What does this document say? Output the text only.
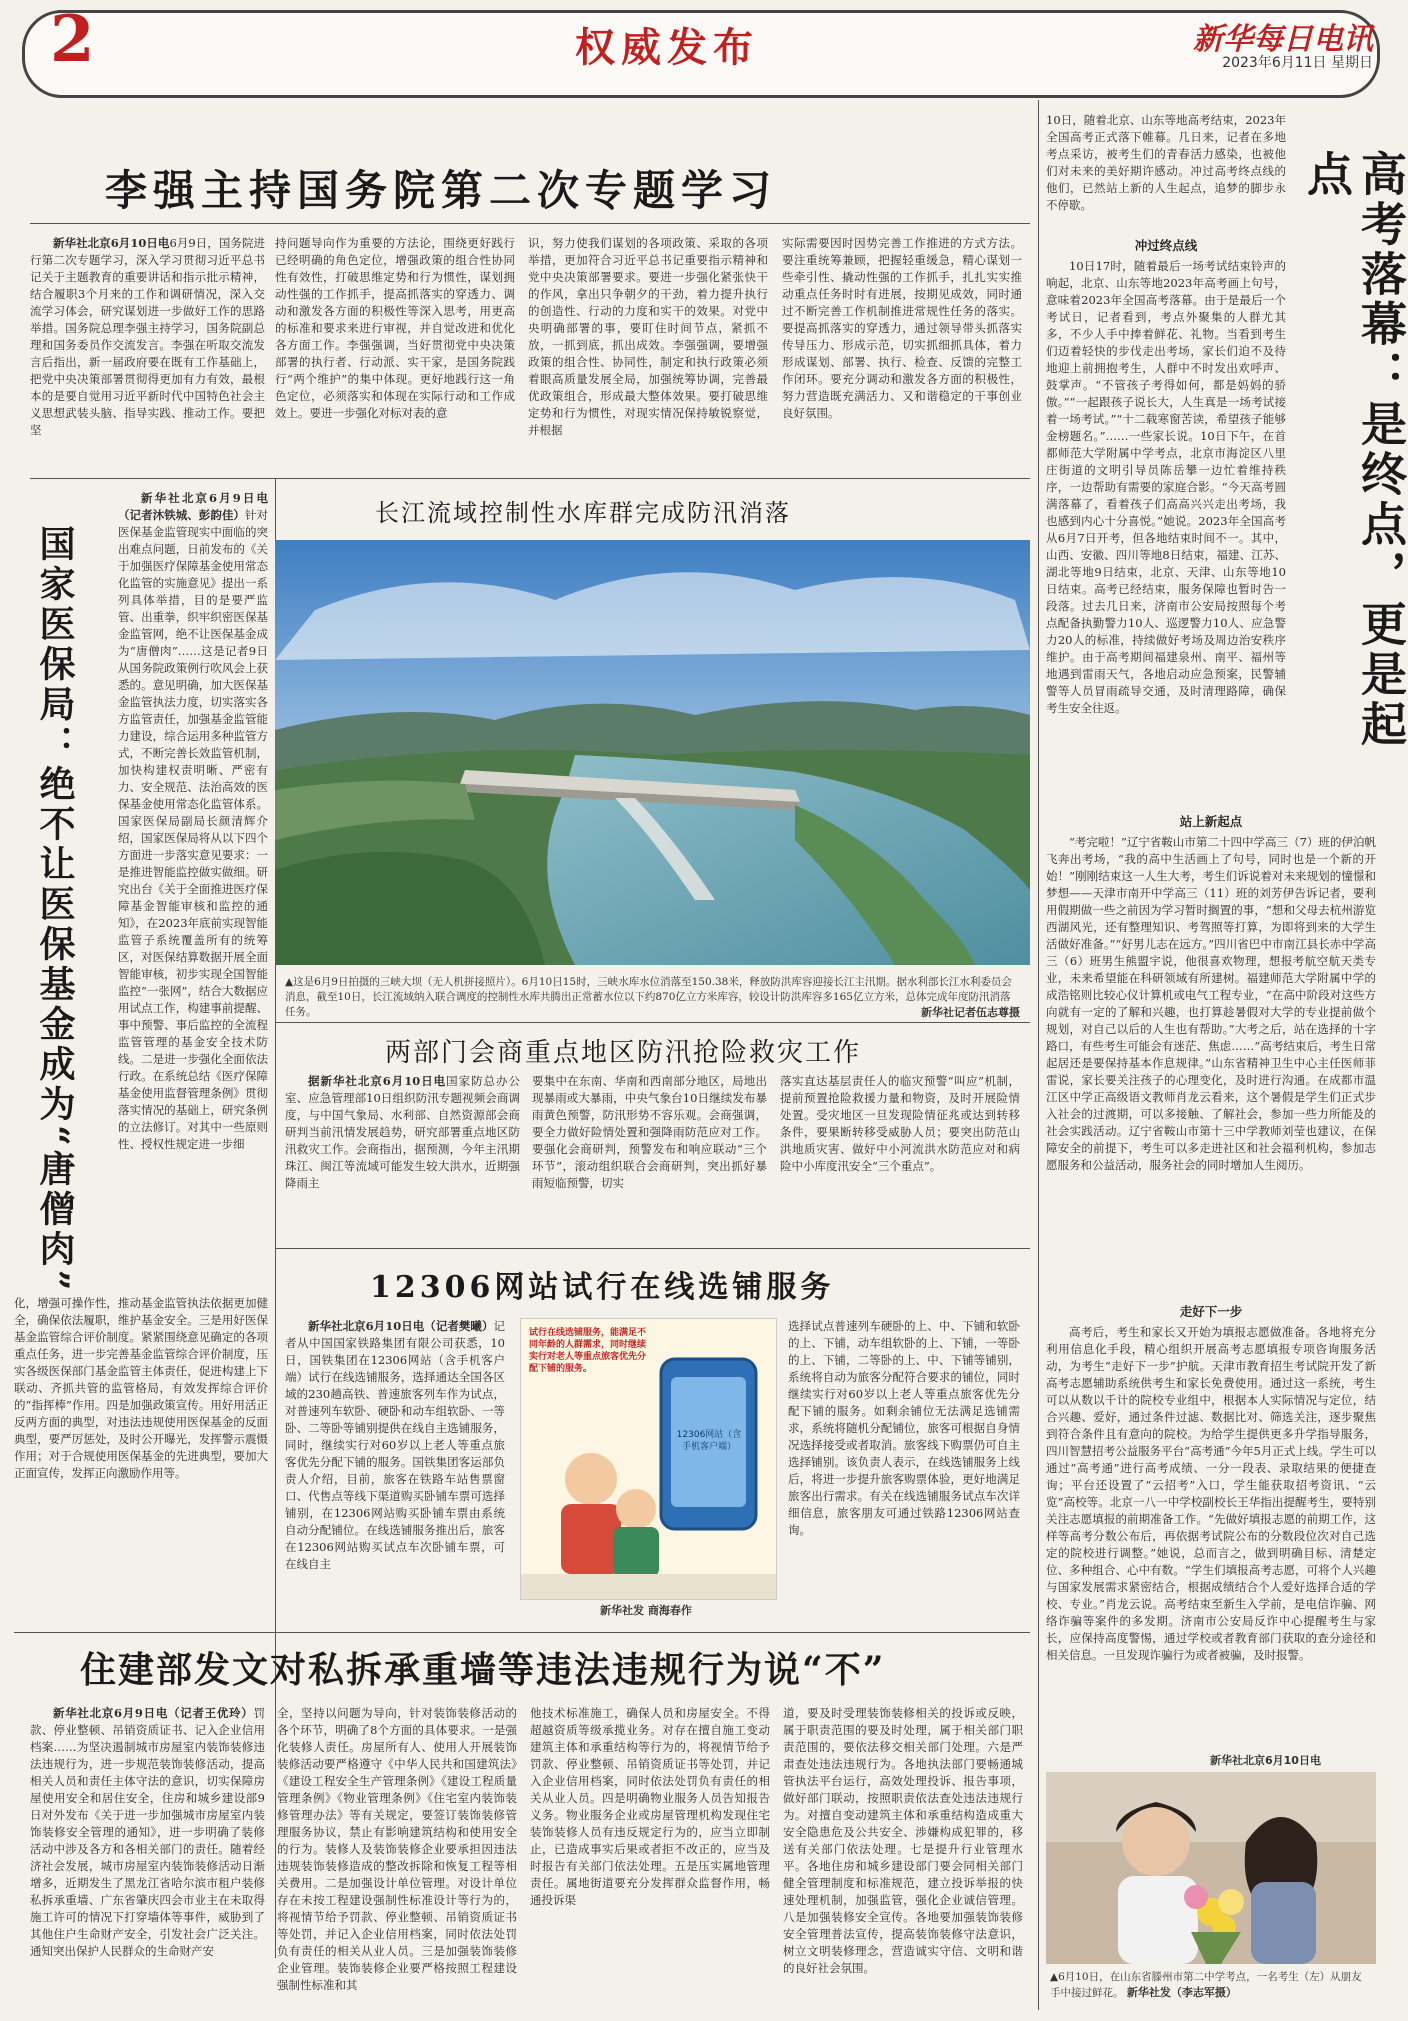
2	权威发布	新华每日电讯
2023年6月11日 星期日
李强主持国务院第二次专题学习

新华社北京6月10日电6月9日，国务院进行第二次专题学习，深入学习贯彻习近平总书记关于主题教育的重要讲话和指示批示精神，结合履职3个月来的工作和调研情况，深入交流学习体会，研究谋划进一步做好工作的思路举措。国务院总理李强主持学习，国务院副总理和国务委员作交流发言。李强在听取交流发言后指出，新一届政府要在既有工作基础上，把党中央决策部署贯彻得更加有力有效，最根本的是要自觉用习近平新时代中国特色社会主义思想武装头脑、指导实践、推动工作。要把坚

持问题导向作为重要的方法论，围绕更好践行已经明确的角色定位，增强政策的组合性协同性有效性，打破思维定势和行为惯性，谋划拥动性强的工作抓手，提高抓落实的穿透力、调动和激发各方面的积极性等深入思考，用更高的标准和要求来进行审视，并自觉改进和优化各方面工作。李强强调，当好贯彻党中央决策部署的执行者、行动派、实干家，是国务院践行“两个维护”的集中体现。更好地践行这一角色定位，必须落实和体现在实际行动和工作成效上。要进一步强化对标对表的意
识，努力使我们谋划的各项政策、采取的各项举措，更加符合习近平总书记重要指示精神和党中央决策部署要求。要进一步强化紧张快干的作风，拿出只争朝夕的干劲，着力提升执行的创造性、行动的力度和实干的效果。对党中央明确部署的事，要盯住时间节点，紧抓不放，一抓到底，抓出成效。李强强调，要增强政策的组合性、协同性，制定和执行政策必须着眼高质量发展全局，加强统筹协调，完善最优政策组合，形成最大整体效果。要打破思维定势和行为惯性，对现实情况保持敏锐察觉，并根据
实际需要因时因势完善工作推进的方式方法。要注重统筹兼顾，把握轻重缓急，精心谋划一些牵引性、撬动性强的工作抓手，扎扎实实推动重点任务时时有进展，按期见成效，同时通过不断完善工作机制推进常规性任务的落实。要提高抓落实的穿透力，通过领导带头抓落实传导压力、形成示范，切实抓细抓具体，着力形成谋划、部署、执行、检查、反馈的完整工作闭环。要充分调动和激发各方面的积极性，努力营造既充满活力、又和谐稳定的干事创业良好氛围。
国家医保局：绝不让医保基金成为“唐僧肉”

新华社北京6月9日电（记者沐铁城、彭韵佳）针对医保基金监管现实中面临的突出难点问题，日前发布的《关于加强医疗保障基金使用常态化监管的实施意见》提出一系列具体举措，目的是要严监管、出重拳，织牢织密医保基金监管网，绝不让医保基金成为“唐僧肉”……这是记者9日从国务院政策例行吹风会上获悉的。意见明确，加大医保基金监管执法力度，切实落实各方监管责任，加强基金监管能力建设，综合运用多种监管方式，不断完善长效监管机制，加快构建权责明晰、严密有力、安全规范、法治高效的医保基金使用常态化监管体系。国家医保局副局长颜清辉介绍，国家医保局将从以下四个方面进一步落实意见要求：一是推进智能监控做实做细。研究出台《关于全面推进医疗保障基金智能审核和监控的通知》，在2023年底前实现智能监管子系统覆盖所有的统筹区，对医保结算数据开展全面智能审核，初步实现全国智能监控“一张网”，结合大数据应用试点工作，构建事前提醒、事中预警、事后监控的全流程监管管理的基金安全技术防线。二是进一步强化全面依法行政。在系统总结《医疗保障基金使用监督管理条例》贯彻落实情况的基础上，研究条例的立法修订。对其中一些原则性、授权性规定进一步细

化，增强可操作性，推动基金监管执法依据更加健全，确保依法履职，维护基金安全。三是用好医保基金监管综合评价制度。紧紧围绕意见确定的各项重点任务，进一步完善基金监管综合评价制度，压实各级医保部门基金监管主体责任，促进构建上下联动、齐抓共管的监管格局，有效发挥综合评价的“指挥棒”作用。四是加强政策宣传。用好用活正反两方面的典型，对违法违规使用医保基金的反面典型，要严厉惩处，及时公开曝光，发挥警示震慑作用；对于合规使用医保基金的先进典型，要加大正面宣传，发挥正向激励作用等。
长江流域控制性水库群完成防汛消落
▲这是6月9日拍摄的三峡大坝（无人机拼接照片）。6月10日15时，三峡水库水位消落至150.38米，释放防洪库容迎接长江主汛期。据水利部长江水利委员会消息，截至10日，长江流域纳入联合调度的控制性水库共腾出正常蓄水位以下约870亿立方米库容，较设计防洪库容多165亿立方米，总体完成年度防汛消落任务。	新华社记者伍志尊摄
两部门会商重点地区防汛抢险救灾工作

据新华社北京6月10日电国家防总办公室、应急管理部10日组织防汛专题视频会商调度，与中国气象局、水利部、自然资源部会商研判当前汛情发展趋势，研究部署重点地区防汛救灾工作。会商指出，据预测，今年主汛期珠江、闽江等流域可能发生较大洪水，近期强降雨主

要集中在东南、华南和西南部分地区，局地出现暴雨或大暴雨，中央气象台10日继续发布暴雨黄色预警，防汛形势不容乐观。会商强调，要全力做好险情处置和强降雨防范应对工作。要强化会商研判，预警发布和响应联动“三个环节”，滚动组织联合会商研判，突出抓好暴雨短临预警，切实
落实直达基层责任人的临灾预警“叫应”机制，提前预置抢险救援力量和物资，及时开展险情处置。受灾地区一旦发现险情征兆或达到转移条件，要果断转移受威胁人员；要突出防范山洪地质灾害、做好中小河流洪水防范应对和病险中小库度汛安全“三个重点”。
12306网站试行在线选铺服务

新华社北京6月10日电（记者樊曦）记者从中国国家铁路集团有限公司获悉，10日，国铁集团在12306网站（含手机客户端）试行在线选铺服务，选择通达全国各区域的230趟高铁、普速旅客列车作为试点，对普速列车软卧、硬卧和动车组软卧、一等卧、二等卧等铺别提供在线自主选铺服务，同时，继续实行对60岁以上老人等重点旅客优先分配下铺的服务。国铁集团客运部负责人介绍，目前，旅客在铁路车站售票窗口、代售点等线下渠道购买卧铺车票可选择铺别，在12306网站购买卧铺车票由系统自动分配铺位。在线选铺服务推出后，旅客在12306网站购买试点车次卧铺车票，可在线自主

试行在线选铺服务，能满足不同年龄的人群需求，同时继续实行对老人等重点旅客优先分配下铺的服务。
12306网站（含手机客户端）
新华社发 商海春作
选择试点普速列车硬卧的上、中、下铺和软卧的上、下铺，动车组软卧的上、下铺，一等卧的上、下铺，二等卧的上、中、下铺等铺别，系统将自动为旅客分配符合要求的铺位，同时继续实行对60岁以上老人等重点旅客优先分配下铺的服务。如剩余铺位无法满足选铺需求，系统将随机分配铺位，旅客可根据自身情况选择接受或者取消。旅客线下购票仍可自主选择铺别。该负责人表示，在线选铺服务上线后，将进一步提升旅客购票体验，更好地满足旅客出行需求。有关在线选铺服务试点车次详细信息，旅客朋友可通过铁路12306网站查询。
住建部发文对私拆承重墙等违法违规行为说“不”

新华社北京6月9日电（记者王优玲）罚款、停业整顿、吊销资质证书、记入企业信用档案……为坚决遏制城市房屋室内装饰装修违法违规行为，进一步规范装饰装修活动，提高相关人员和责任主体守法的意识，切实保障房屋使用安全和居住安全，住房和城乡建设部9日对外发布《关于进一步加强城市房屋室内装饰装修安全管理的通知》，进一步明确了装修活动中涉及各方和各相关部门的责任。随着经济社会发展，城市房屋室内装饰装修活动日渐增多，近期发生了黑龙江省哈尔滨市租户装修私拆承重墙、广东省肇庆四会市业主在未取得施工许可的情况下打穿墙体等事件，威胁到了其他住户生命财产安全，引发社会广泛关注。通知突出保护人民群众的生命财产安

全，坚持以问题为导向，针对装饰装修活动的各个环节，明确了8个方面的具体要求。一是强化装修人责任。房屋所有人、使用人开展装饰装修活动要严格遵守《中华人民共和国建筑法》《建设工程安全生产管理条例》《建设工程质量管理条例》《物业管理条例》《住宅室内装饰装修管理办法》等有关规定，要签订装饰装修管理服务协议，禁止有影响建筑结构和使用安全的行为。装修人及装饰装修企业要承担因违法违规装饰装修造成的整改拆除和恢复工程等相关费用。二是加强设计单位管理。对设计单位存在未按工程建设强制性标准设计等行为的，将视情节给予罚款、停业整顿、吊销资质证书等处罚，并记入企业信用档案，同时依法处罚负有责任的相关从业人员。三是加强装饰装修企业管理。装饰装修企业要严格按照工程建设强制性标准和其
他技术标准施工，确保人员和房屋安全。不得超越资质等级承揽业务。对存在擅自施工变动建筑主体和承重结构等行为的，将视情节给予罚款、停业整顿、吊销资质证书等处罚，并记入企业信用档案，同时依法处罚负有责任的相关从业人员。四是明确物业服务人员告知报告义务。物业服务企业或房屋管理机构发现住宅装饰装修人员有违反规定行为的，应当立即制止，已造成事实后果或者拒不改正的，应当及时报告有关部门依法处理。五是压实属地管理责任。属地街道要充分发挥群众监督作用，畅通投诉渠
道，要及时受理装饰装修相关的投诉或反映，属于职责范围的要及时处理，属于相关部门职责范围的，要依法移交相关部门处理。六是严肃查处违法违规行为。各地执法部门要畅通城管执法平台运行，高效处理投诉、报告事项，做好部门联动，按照职责依法查处违法违规行为。对擅自变动建筑主体和承重结构造成重大安全隐患危及公共安全、涉嫌构成犯罪的，移送有关部门依法处理。七是提升行业管理水平。各地住房和城乡建设部门要会同相关部门健全管理制度和标准规范，建立投诉举报的快速处理机制，加强监管，强化企业诚信管理。八是加强装修安全宣传。各地要加强装饰装修安全管理普法宣传，提高装饰装修守法意识，树立文明装修理念，营造诚实守信、文明和谐的良好社会氛围。
10日，随着北京、山东等地高考结束，2023年全国高考正式落下帷幕。几日来，记者在多地考点采访，被考生们的青春活力感染，也被他们对未来的美好期许感动。冲过高考终点线的他们，已然站上新的人生起点，追梦的脚步永不停歇。	高考落幕：是终点，更是起点
冲过终点线

10日17时，随着最后一场考试结束铃声的响起，北京、山东等地2023年高考画上句号，意味着2023年全国高考落幕。由于是最后一个考试日，记者看到，考点外聚集的人群尤其多，不少人手中捧着鲜花、礼物。当看到考生们迈着轻快的步伐走出考场，家长们迫不及待地迎上前拥抱考生，人群中不时发出欢呼声、鼓掌声。“不管孩子考得如何，都是妈妈的骄傲。”“一起跟孩子说长大，人生真是一场考试接着一场考试。”“十二载寒窗苦读，希望孩子能够金榜题名。”……一些家长说。10日下午，在首都师范大学附属中学考点，北京市海淀区八里庄街道的文明引导员陈岳攀一边忙着维持秩序，一边帮助有需要的家庭合影。“今天高考圆满落幕了，看着孩子们高高兴兴走出考场，我也感到内心十分喜悦。”她说。2023年全国高考从6月7日开考，但各地结束时间不一。其中，山西、安徽、四川等地8日结束，福建、江苏、湖北等地9日结束，北京、天津、山东等地10日结束。高考已经结束，服务保障也暂时告一段落。过去几日来，济南市公安局按照每个考点配备执勤警力10人、巡逻警力10人、应急警力20人的标准，持续做好考场及周边治安秩序维护。由于高考期间福建泉州、南平、福州等地遇到雷雨天气，各地启动应急预案，民警辅警等人员冒雨疏导交通，及时清理路障，确保考生安全往返。

站上新起点

“考完啦！”辽宁省鞍山市第二十四中学高三（7）班的伊泊帆飞奔出考场，“我的高中生活画上了句号，同时也是一个新的开始！”刚刚结束这一人生大考，考生们诉说着对未来规划的憧憬和梦想——天津市南开中学高三（11）班的刘芳伊告诉记者，要利用假期做一些之前因为学习暂时搁置的事，“想和父母去杭州游览西湖风光，还有整理知识、考驾照等打算，为即将到来的大学生活做好准备。”“好男儿志在远方。”四川省巴中市南江县长赤中学高三（6）班男生熊盟宇说，他很喜欢物理，想报考航空航天类专业，未来希望能在科研领域有所建树。福建师范大学附属中学的成浩铭则比较心仪计算机或电气工程专业，“在高中阶段对这些方向就有一定的了解和兴趣，也打算趁暑假对大学的专业提前做个规划，对自己以后的人生也有帮助。”大考之后，站在选择的十字路口，有些考生可能会有迷茫、焦虑……“高考结束后，考生日常起居还是要保持基本作息规律。”山东省精神卫生中心主任医师菲雷说，家长要关注孩子的心理变化，及时进行沟通。在成都市温江区中学正高级语文教师肖龙云看来，这个暑假是学生们正式步入社会的过渡期，可以多接触、了解社会，参加一些力所能及的社会实践活动。辽宁省鞍山市第十三中学教师刘莹也建议，在保障安全的前提下，考生可以多走进社区和社会福利机构，参加志愿服务和公益活动，服务社会的同时增加人生阅历。

走好下一步

高考后，考生和家长又开始为填报志愿做准备。各地将充分利用信息化手段，精心组织开展高考志愿填报专项咨询服务活动，为考生“走好下一步”护航。天津市教育招生考试院开发了新高考志愿辅助系统供考生和家长免费使用。通过这一系统，考生可以从数以千计的院校专业组中，根据本人实际情况与定位，结合兴趣、爱好，通过条件过滤、数据比对、筛选关注，逐步聚焦到符合条件且有意向的院校。为给学生提供更多升学指导服务，四川智慧招考公益服务平台“高考通”今年5月正式上线。学生可以通过“高考通”进行高考成绩、一分一段表、录取结果的便捷查询；平台还设置了“云招考”入口，学生能获取招考资讯、“云览”高校等。北京一八一中学校副校长王华指出提醒考生，要特别关注志愿填报的前期准备工作。“先做好填报志愿的前期工作，这样等高考分数公布后，再依据考试院公布的分数段位次对自己选定的院校进行调整。”她说，总而言之，做到明确目标、清楚定位、多种组合、心中有数。“学生们填报高考志愿，可将个人兴趣与国家发展需求紧密结合，根据成绩结合个人爱好选择合适的学校、专业。”肖龙云说。高考结束至新生入学前，是电信诈骗、网络诈骗等案件的多发期。济南市公安局反诈中心提醒考生与家长，应保持高度警惕，通过学校或者教育部门获取的查分途径和相关信息。一旦发现诈骗行为或者被骗，及时报警。

新华社北京6月10日电
▲6月10日，在山东省滕州市第二中学考点，一名考生（左）从朋友手中接过鲜花。 新华社发（李志军摄）
